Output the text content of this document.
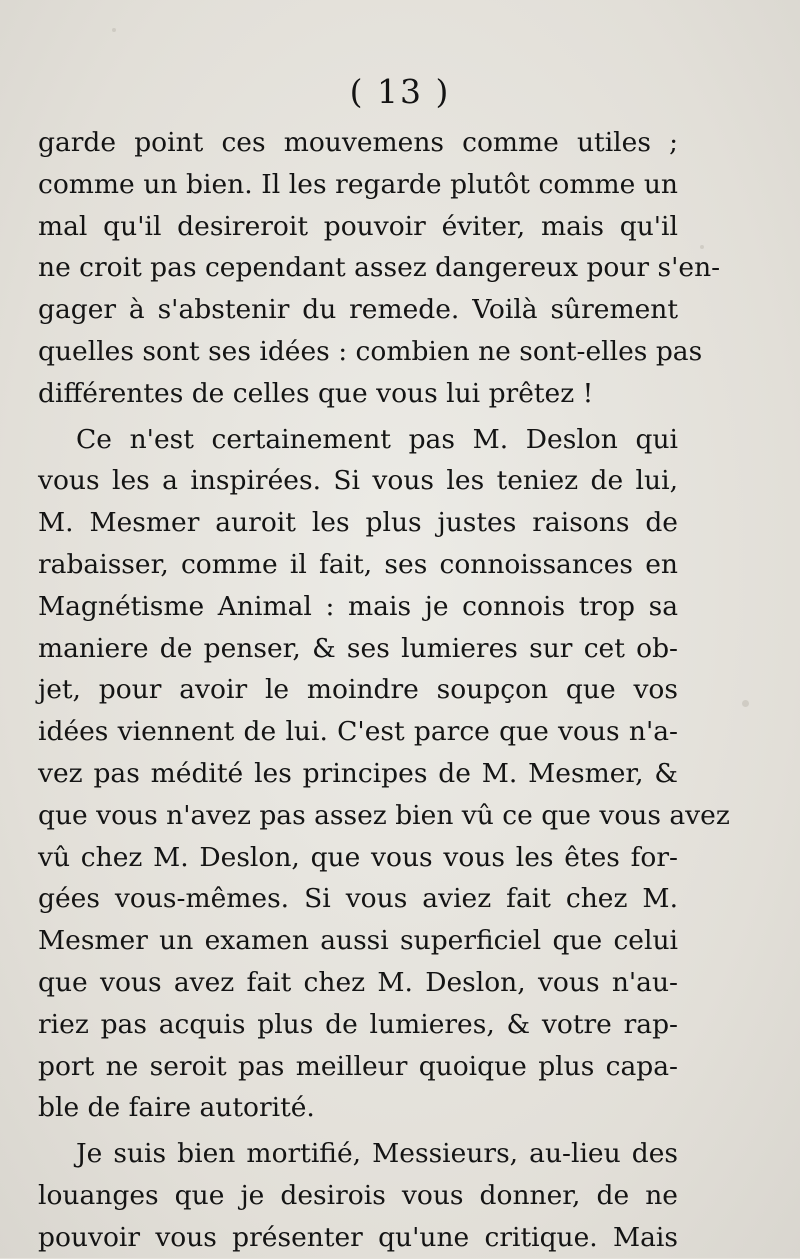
( 13 )
garde point ces mouvemens comme utiles ;
comme un bien. Il les regarde plutôt comme un
mal qu'il desireroit pouvoir éviter, mais qu'il
ne croit pas cependant assez dangereux pour s'en-
gager à s'abstenir du remede. Voilà sûrement
quelles sont ses idées : combien ne sont-elles pas
différentes de celles que vous lui prêtez !
Ce n'est certainement pas M. Deslon qui
vous les a inspirées. Si vous les teniez de lui,
M. Mesmer auroit les plus justes raisons de
rabaisser, comme il fait, ses connoissances en
Magnétisme Animal : mais je connois trop sa
maniere de penser, & ses lumieres sur cet ob-
jet, pour avoir le moindre soupçon que vos
idées viennent de lui. C'est parce que vous n'a-
vez pas médité les principes de M. Mesmer, &
que vous n'avez pas assez bien vû ce que vous avez
vû chez M. Deslon, que vous vous les êtes for-
gées vous-mêmes. Si vous aviez fait chez M.
Mesmer un examen aussi superficiel que celui
que vous avez fait chez M. Deslon, vous n'au-
riez pas acquis plus de lumieres, & votre rap-
port ne seroit pas meilleur quoique plus capa-
ble de faire autorité.
Je suis bien mortifié, Messieurs, au-lieu des
louanges que je desirois vous donner, de ne
pouvoir vous présenter qu'une critique. Mais
